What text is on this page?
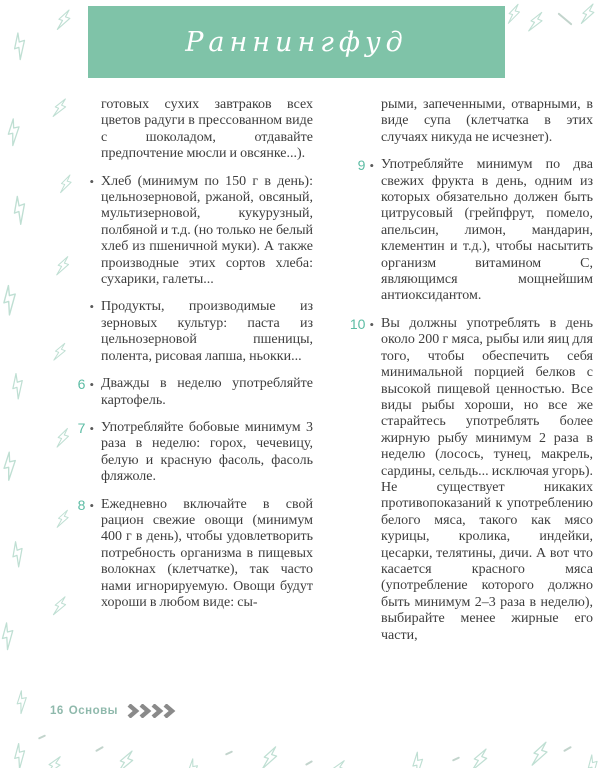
Раннингфуд
готовых сухих завтраков всех цветов радуги в прессованном виде с шоколадом, отдавайте предпочтение мюсли и овсянке...).
• Хлеб (минимум по 150 г в день): цельнозерновой, ржаной, овсяный, мультизерновой, кукурузный, полбяной и т.д. (но только не белый хлеб из пшеничной муки). А также производные этих сортов хлеба: сухарики, галеты...
• Продукты, производимые из зерновых культур: паста из цельнозерновой пшеницы, полента, рисовая лапша, ньокки...
6 • Дважды в неделю употребляйте картофель.
7 • Употребляйте бобовые минимум 3 раза в неделю: горох, чечевицу, белую и красную фасоль, фасоль фляжоле.
8 • Ежедневно включайте в свой рацион свежие овощи (минимум 400 г в день), чтобы удовлетворить потребность организма в пищевых волокнах (клетчатке), так часто нами игнорируемую. Овощи будут хороши в любом виде: сы-
рыми, запеченными, отварными, в виде супа (клетчатка в этих случаях никуда не исчезнет).
9 • Употребляйте минимум по два свежих фрукта в день, одним из которых обязательно должен быть цитрусовый (грейпфрут, помело, апельсин, лимон, мандарин, клементин и т.д.), чтобы насытить организм витамином С, являющимся мощнейшим антиоксидантом.
10 • Вы должны употреблять в день около 200 г мяса, рыбы или яиц для того, чтобы обеспечить себя минимальной порцией белков с высокой пищевой ценностью. Все виды рыбы хороши, но все же старайтесь употреблять более жирную рыбу минимум 2 раза в неделю (лосось, тунец, макрель, сардины, сельдь... исключая угорь). Не существует никаких противопоказаний к употреблению белого мяса, такого как мясо курицы, кролика, индейки, цесарки, телятины, дичи. А вот что касается красного мяса (употребление которого должно быть минимум 2–3 раза в неделю), выбирайте менее жирные его части,
16 Основы
